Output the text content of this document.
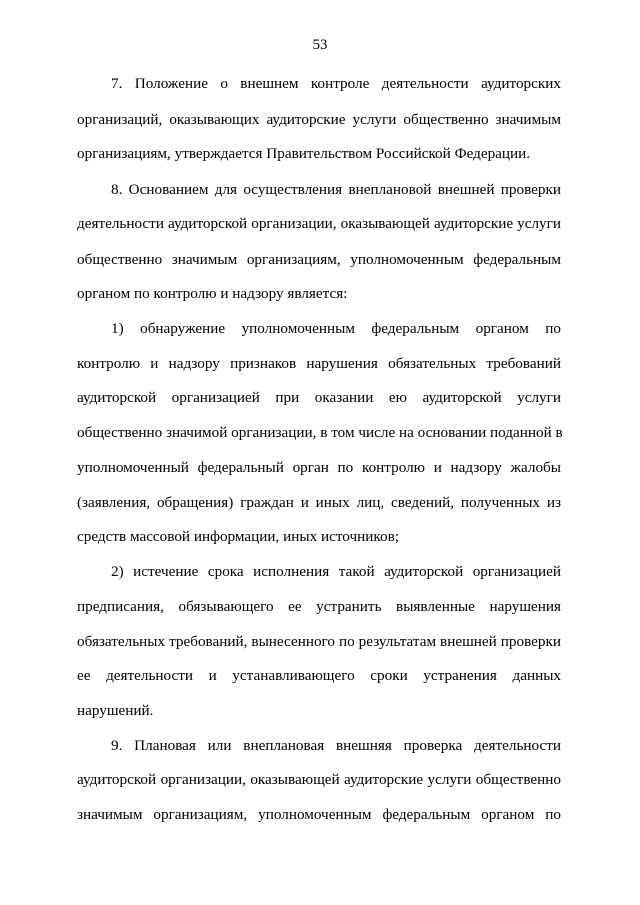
53
7. Положение о внешнем контроле деятельности аудиторских
организаций, оказывающих аудиторские услуги общественно значимым
организациям, утверждается Правительством Российской Федерации.
8. Основанием для осуществления внеплановой внешней проверки
деятельности аудиторской организации, оказывающей аудиторские услуги
общественно значимым организациям, уполномоченным федеральным
органом по контролю и надзору является:
1) обнаружение уполномоченным федеральным органом по
контролю и надзору признаков нарушения обязательных требований
аудиторской организацией при оказании ею аудиторской услуги
общественно значимой организации, в том числе на основании поданной в
уполномоченный федеральный орган по контролю и надзору жалобы
(заявления, обращения) граждан и иных лиц, сведений, полученных из
средств массовой информации, иных источников;
2) истечение срока исполнения такой аудиторской организацией
предписания, обязывающего ее устранить выявленные нарушения
обязательных требований, вынесенного по результатам внешней проверки
ее деятельности и устанавливающего сроки устранения данных
нарушений.
9. Плановая или внеплановая внешняя проверка деятельности
аудиторской организации, оказывающей аудиторские услуги общественно
значимым организациям, уполномоченным федеральным органом по
